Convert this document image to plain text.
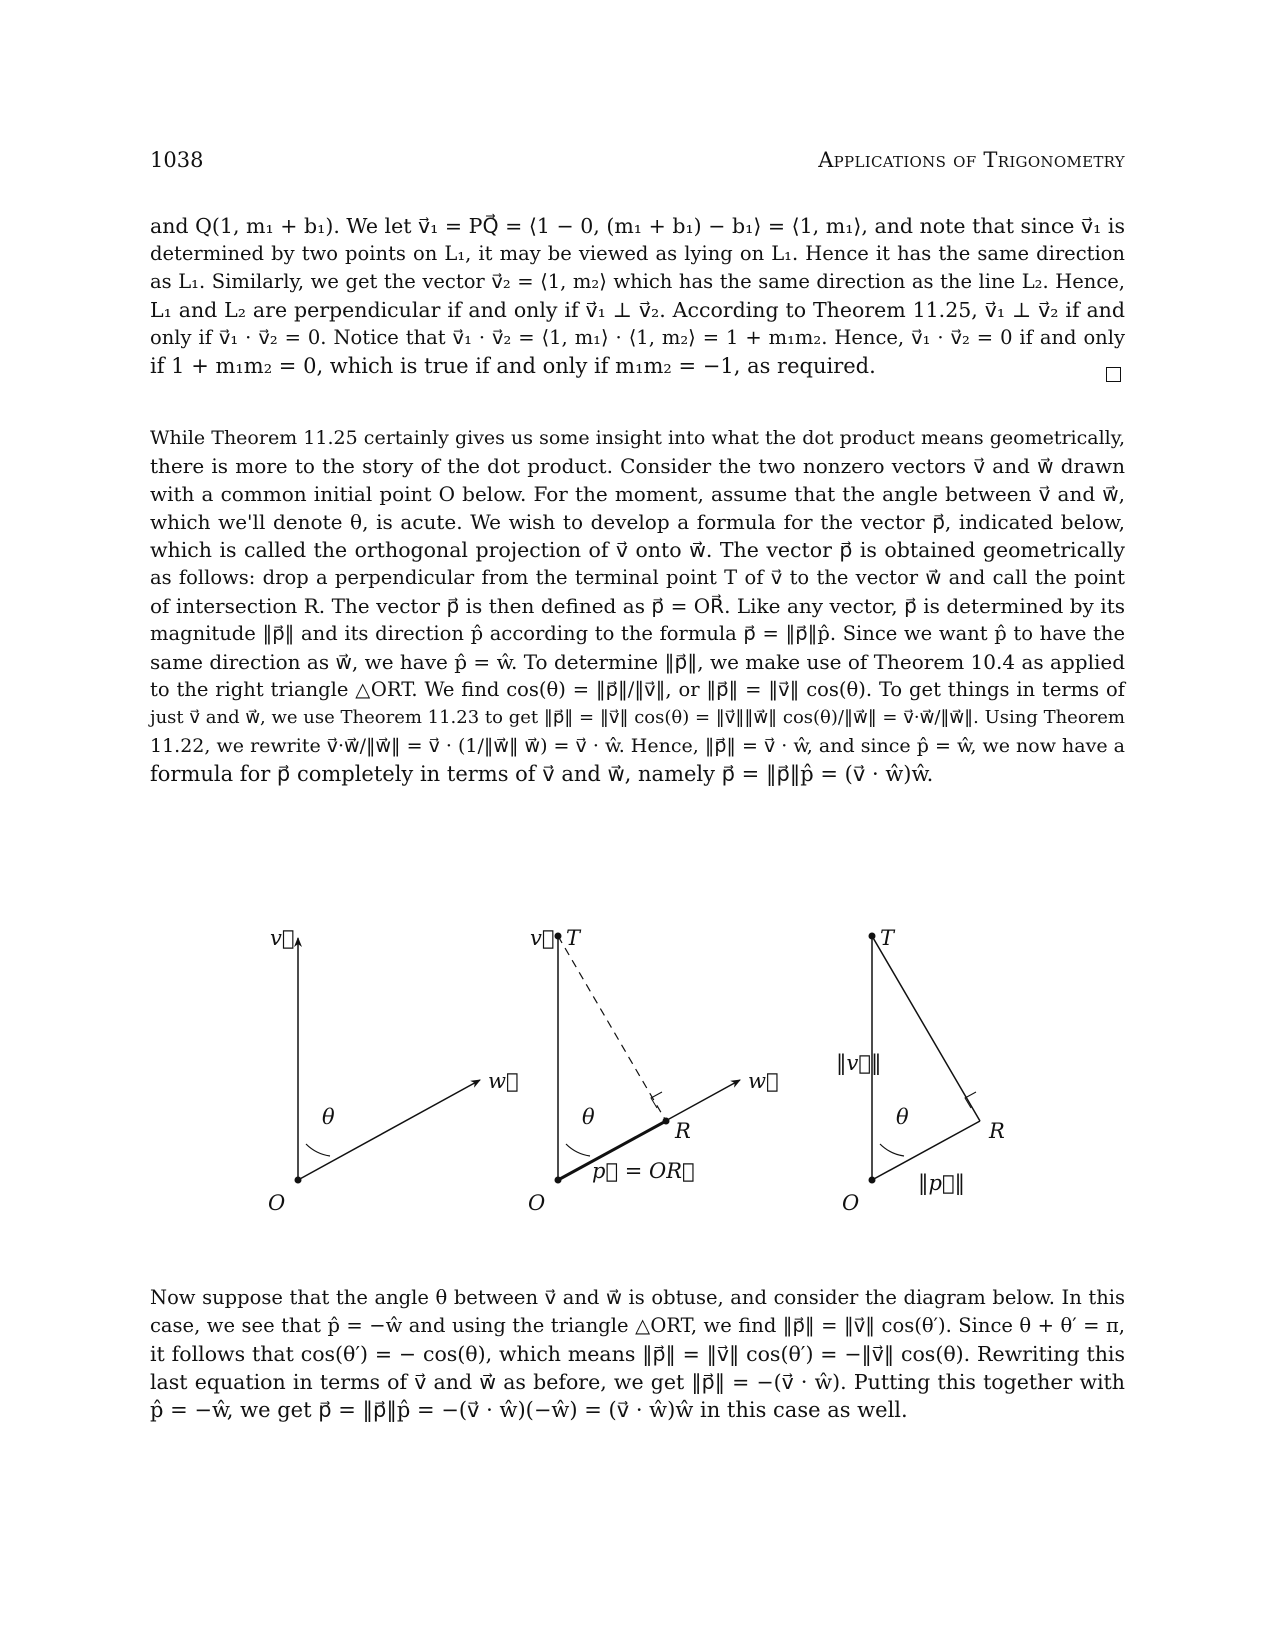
1038	Applications of Trigonometry
and Q(1, m₁ + b₁). We let v⃗₁ = PQ⃗ = ⟨1 − 0, (m₁ + b₁) − b₁⟩ = ⟨1, m₁⟩, and note that since v⃗₁ is
determined by two points on L₁, it may be viewed as lying on L₁. Hence it has the same direction
as L₁. Similarly, we get the vector v⃗₂ = ⟨1, m₂⟩ which has the same direction as the line L₂. Hence,
L₁ and L₂ are perpendicular if and only if v⃗₁ ⊥ v⃗₂. According to Theorem 11.25, v⃗₁ ⊥ v⃗₂ if and
only if v⃗₁ · v⃗₂ = 0. Notice that v⃗₁ · v⃗₂ = ⟨1, m₁⟩ · ⟨1, m₂⟩ = 1 + m₁m₂. Hence, v⃗₁ · v⃗₂ = 0 if and only
if 1 + m₁m₂ = 0, which is true if and only if m₁m₂ = −1, as required.
While Theorem 11.25 certainly gives us some insight into what the dot product means geometrically,
there is more to the story of the dot product. Consider the two nonzero vectors v⃗ and w⃗ drawn
with a common initial point O below. For the moment, assume that the angle between v⃗ and w⃗,
which we'll denote θ, is acute. We wish to develop a formula for the vector p⃗, indicated below,
which is called the orthogonal projection of v⃗ onto w⃗. The vector p⃗ is obtained geometrically
as follows: drop a perpendicular from the terminal point T of v⃗ to the vector w⃗ and call the point
of intersection R. The vector p⃗ is then defined as p⃗ = OR⃗. Like any vector, p⃗ is determined by its
magnitude ‖p⃗‖ and its direction p̂ according to the formula p⃗ = ‖p⃗‖p̂. Since we want p̂ to have the
same direction as w⃗, we have p̂ = ŵ. To determine ‖p⃗‖, we make use of Theorem 10.4 as applied
to the right triangle △ORT. We find cos(θ) = ‖p⃗‖/‖v⃗‖, or ‖p⃗‖ = ‖v⃗‖ cos(θ). To get things in terms of
just v⃗ and w⃗, we use Theorem 11.23 to get ‖p⃗‖ = ‖v⃗‖ cos(θ) = ‖v⃗‖‖w⃗‖ cos(θ)/‖w⃗‖ = v⃗·w⃗/‖w⃗‖. Using Theorem
11.22, we rewrite v⃗·w⃗/‖w⃗‖ = v⃗ · (1/‖w⃗‖ w⃗) = v⃗ · ŵ. Hence, ‖p⃗‖ = v⃗ · ŵ, and since p̂ = ŵ, we now have a
formula for p⃗ completely in terms of v⃗ and w⃗, namely p⃗ = ‖p⃗‖p̂ = (v⃗ · ŵ)ŵ.
v⃗
w⃗
θ
O
v⃗ T
w⃗
θ
R
p⃗ = OR⃗
O
T
‖v⃗‖
θ
R
‖p⃗‖
O
Now suppose that the angle θ between v⃗ and w⃗ is obtuse, and consider the diagram below. In this
case, we see that p̂ = −ŵ and using the triangle △ORT, we find ‖p⃗‖ = ‖v⃗‖ cos(θ′). Since θ + θ′ = π,
it follows that cos(θ′) = − cos(θ), which means ‖p⃗‖ = ‖v⃗‖ cos(θ′) = −‖v⃗‖ cos(θ). Rewriting this
last equation in terms of v⃗ and w⃗ as before, we get ‖p⃗‖ = −(v⃗ · ŵ). Putting this together with
p̂ = −ŵ, we get p⃗ = ‖p⃗‖p̂ = −(v⃗ · ŵ)(−ŵ) = (v⃗ · ŵ)ŵ in this case as well.
